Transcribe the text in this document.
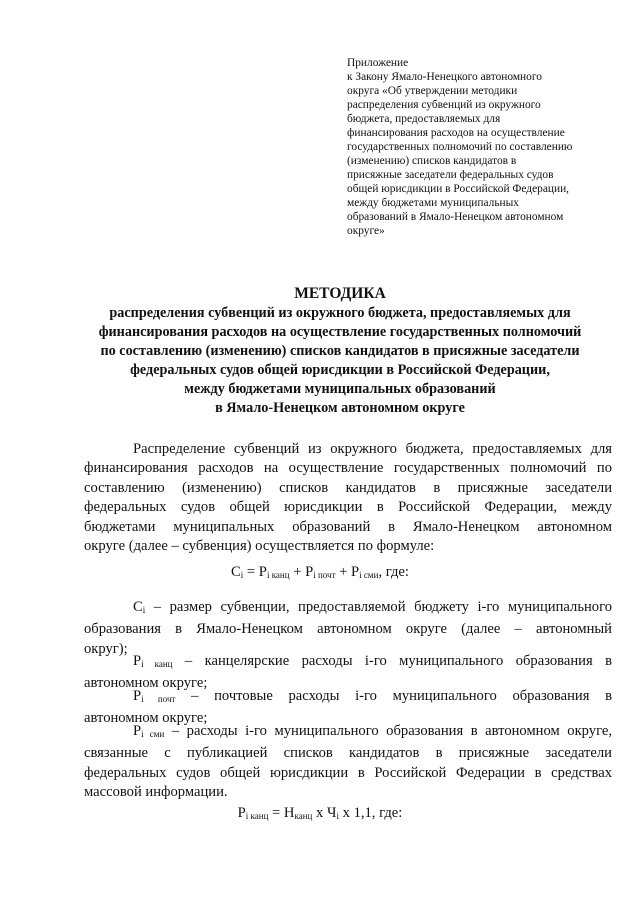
Приложение
к Закону Ямало-Ненецкого автономного
округа «Об утверждении методики
распределения субвенций из окружного
бюджета, предоставляемых для
финансирования расходов на осуществление
государственных полномочий по составлению
(изменению) списков кандидатов в
присяжные заседатели федеральных судов
общей юрисдикции в Российской Федерации,
между бюджетами муниципальных
образований в Ямало-Ненецком автономном
округе»
МЕТОДИКА
распределения субвенций из окружного бюджета, предоставляемых для
финансирования расходов на осуществление государственных полномочий
по составлению (изменению) списков кандидатов в присяжные заседатели
федеральных судов общей юрисдикции в Российской Федерации,
между бюджетами муниципальных образований
в Ямало-Ненецком автономном округе
Распределение субвенций из окружного бюджета, предоставляемых для
финансирования расходов на осуществление государственных полномочий по
составлению (изменению) списков кандидатов в присяжные заседатели
федеральных судов общей юрисдикции в Российской Федерации, между
бюджетами муниципальных образований в Ямало-Ненецком автономном
округе (далее – субвенция) осуществляется по формуле:
$C_i = P_{i канц} + P_{i почт} + P_{i сми}$, где:
$C_i$ – размер субвенции, предоставляемой бюджету i-го муниципального
образования в Ямало-Ненецком автономном округе (далее – автономный
округ);
$P_{i канц}$ – канцелярские расходы i-го муниципального образования в
автономном округе;
$P_{i почт}$ – почтовые расходы i-го муниципального образования в
автономном округе;
$P_{i сми}$ – расходы i-го муниципального образования в автономном округе,
связанные с публикацией списков кандидатов в присяжные заседатели
федеральных судов общей юрисдикции в Российской Федерации в средствах
массовой информации.
$P_{i канц} = Н_{канц}$ х $Ч_i$ х 1,1, где:
